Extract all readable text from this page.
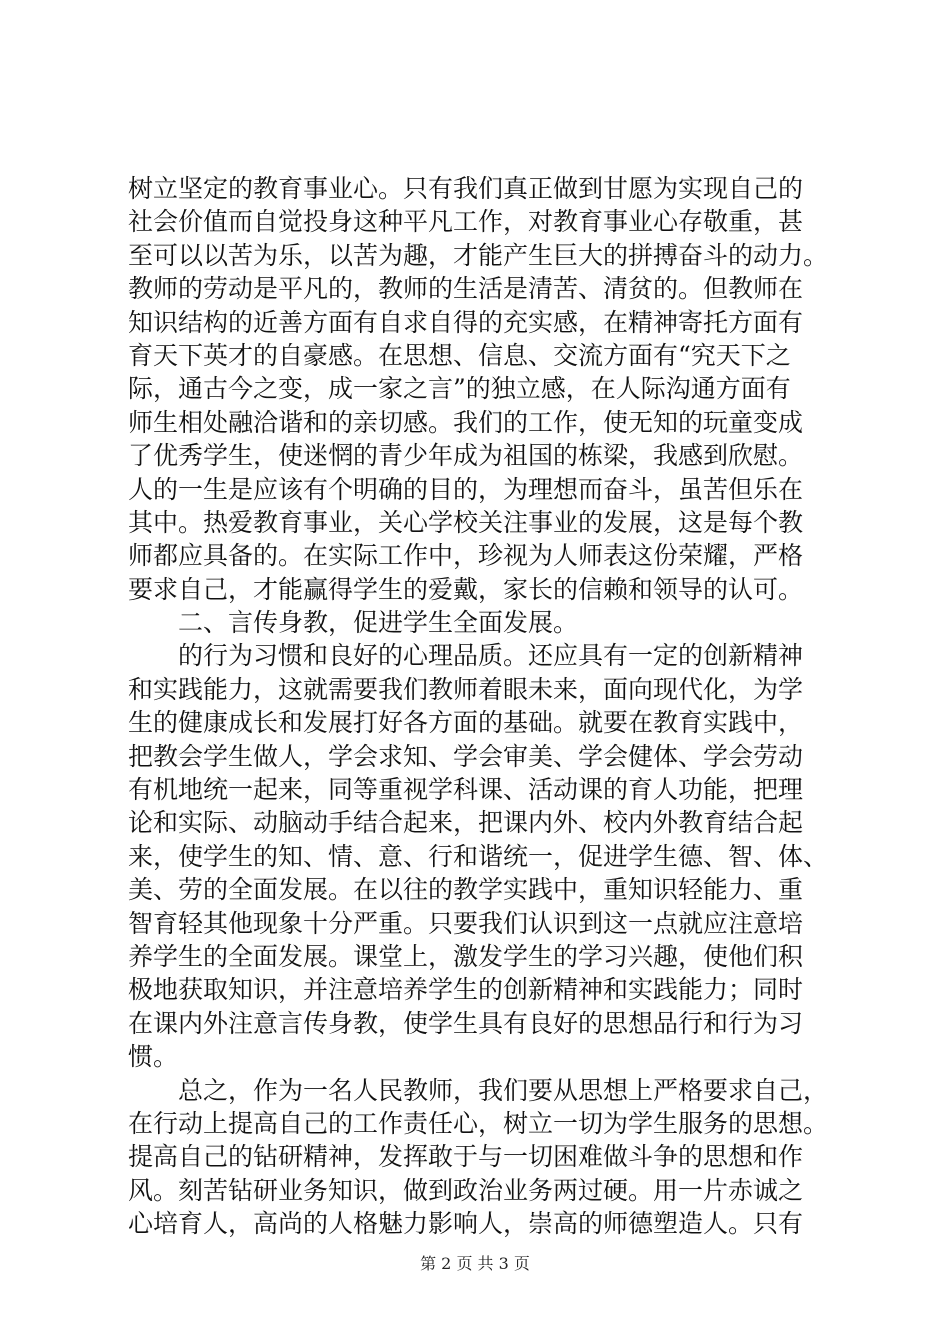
树立坚定的教育事业心。只有我们真正做到甘愿为实现自己的
社会价值而自觉投身这种平凡工作，对教育事业心存敬重，甚
至可以以苦为乐，以苦为趣，才能产生巨大的拼搏奋斗的动力。
教师的劳动是平凡的，教师的生活是清苦、清贫的。但教师在
知识结构的近善方面有自求自得的充实感，在精神寄托方面有
育天下英才的自豪感。在思想、信息、交流方面有“究天下之
际，通古今之变，成一家之言”的独立感，在人际沟通方面有
师生相处融洽谐和的亲切感。我们的工作，使无知的玩童变成
了优秀学生，使迷惘的青少年成为祖国的栋梁，我感到欣慰。
人的一生是应该有个明确的目的，为理想而奋斗，虽苦但乐在
其中。热爱教育事业，关心学校关注事业的发展，这是每个教
师都应具备的。在实际工作中，珍视为人师表这份荣耀，严格
要求自己，才能赢得学生的爱戴，家长的信赖和领导的认可。
　　二、言传身教，促进学生全面发展。
　　的行为习惯和良好的心理品质。还应具有一定的创新精神
和实践能力，这就需要我们教师着眼未来，面向现代化，为学
生的健康成长和发展打好各方面的基础。就要在教育实践中，
把教会学生做人，学会求知、学会审美、学会健体、学会劳动
有机地统一起来，同等重视学科课、活动课的育人功能，把理
论和实际、动脑动手结合起来，把课内外、校内外教育结合起
来，使学生的知、情、意、行和谐统一，促进学生德、智、体、
美、劳的全面发展。在以往的教学实践中，重知识轻能力、重
智育轻其他现象十分严重。只要我们认识到这一点就应注意培
养学生的全面发展。课堂上，激发学生的学习兴趣，使他们积
极地获取知识，并注意培养学生的创新精神和实践能力；同时
在课内外注意言传身教，使学生具有良好的思想品行和行为习
惯。
　　总之，作为一名人民教师，我们要从思想上严格要求自己，
在行动上提高自己的工作责任心，树立一切为学生服务的思想。
提高自己的钻研精神，发挥敢于与一切困难做斗争的思想和作
风。刻苦钻研业务知识，做到政治业务两过硬。用一片赤诚之
心培育人，高尚的人格魅力影响人，崇高的师德塑造人。只有
第 2 页 共 3 页
